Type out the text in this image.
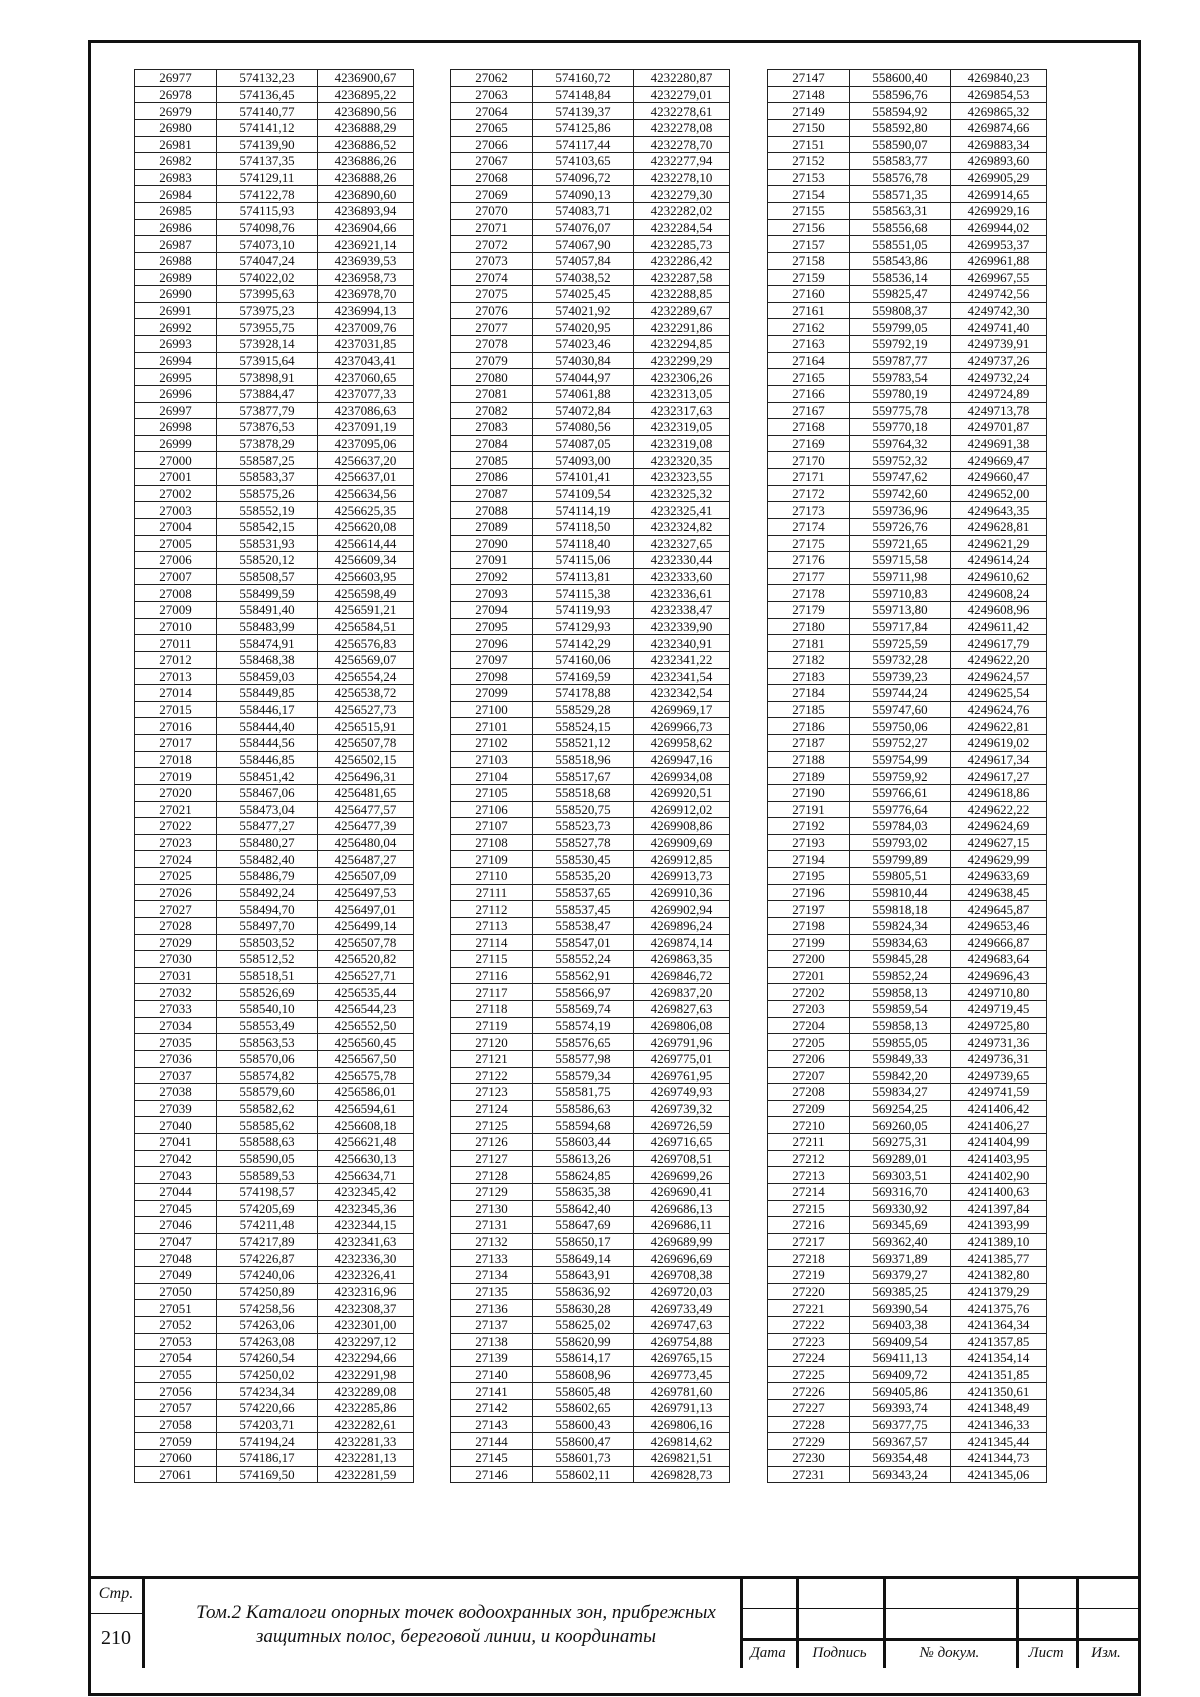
26977	574132,23	4236900,67
26978	574136,45	4236895,22
26979	574140,77	4236890,56
26980	574141,12	4236888,29
26981	574139,90	4236886,52
26982	574137,35	4236886,26
26983	574129,11	4236888,26
26984	574122,78	4236890,60
26985	574115,93	4236893,94
26986	574098,76	4236904,66
26987	574073,10	4236921,14
26988	574047,24	4236939,53
26989	574022,02	4236958,73
26990	573995,63	4236978,70
26991	573975,23	4236994,13
26992	573955,75	4237009,76
26993	573928,14	4237031,85
26994	573915,64	4237043,41
26995	573898,91	4237060,65
26996	573884,47	4237077,33
26997	573877,79	4237086,63
26998	573876,53	4237091,19
26999	573878,29	4237095,06
27000	558587,25	4256637,20
27001	558583,37	4256637,01
27002	558575,26	4256634,56
27003	558552,19	4256625,35
27004	558542,15	4256620,08
27005	558531,93	4256614,44
27006	558520,12	4256609,34
27007	558508,57	4256603,95
27008	558499,59	4256598,49
27009	558491,40	4256591,21
27010	558483,99	4256584,51
27011	558474,91	4256576,83
27012	558468,38	4256569,07
27013	558459,03	4256554,24
27014	558449,85	4256538,72
27015	558446,17	4256527,73
27016	558444,40	4256515,91
27017	558444,56	4256507,78
27018	558446,85	4256502,15
27019	558451,42	4256496,31
27020	558467,06	4256481,65
27021	558473,04	4256477,57
27022	558477,27	4256477,39
27023	558480,27	4256480,04
27024	558482,40	4256487,27
27025	558486,79	4256507,09
27026	558492,24	4256497,53
27027	558494,70	4256497,01
27028	558497,70	4256499,14
27029	558503,52	4256507,78
27030	558512,52	4256520,82
27031	558518,51	4256527,71
27032	558526,69	4256535,44
27033	558540,10	4256544,23
27034	558553,49	4256552,50
27035	558563,53	4256560,45
27036	558570,06	4256567,50
27037	558574,82	4256575,78
27038	558579,60	4256586,01
27039	558582,62	4256594,61
27040	558585,62	4256608,18
27041	558588,63	4256621,48
27042	558590,05	4256630,13
27043	558589,53	4256634,71
27044	574198,57	4232345,42
27045	574205,69	4232345,36
27046	574211,48	4232344,15
27047	574217,89	4232341,63
27048	574226,87	4232336,30
27049	574240,06	4232326,41
27050	574250,89	4232316,96
27051	574258,56	4232308,37
27052	574263,06	4232301,00
27053	574263,08	4232297,12
27054	574260,54	4232294,66
27055	574250,02	4232291,98
27056	574234,34	4232289,08
27057	574220,66	4232285,86
27058	574203,71	4232282,61
27059	574194,24	4232281,33
27060	574186,17	4232281,13
27061	574169,50	4232281,59
27062	574160,72	4232280,87
27063	574148,84	4232279,01
27064	574139,37	4232278,61
27065	574125,86	4232278,08
27066	574117,44	4232278,70
27067	574103,65	4232277,94
27068	574096,72	4232278,10
27069	574090,13	4232279,30
27070	574083,71	4232282,02
27071	574076,07	4232284,54
27072	574067,90	4232285,73
27073	574057,84	4232286,42
27074	574038,52	4232287,58
27075	574025,45	4232288,85
27076	574021,92	4232289,67
27077	574020,95	4232291,86
27078	574023,46	4232294,85
27079	574030,84	4232299,29
27080	574044,97	4232306,26
27081	574061,88	4232313,05
27082	574072,84	4232317,63
27083	574080,56	4232319,05
27084	574087,05	4232319,08
27085	574093,00	4232320,35
27086	574101,41	4232323,55
27087	574109,54	4232325,32
27088	574114,19	4232325,41
27089	574118,50	4232324,82
27090	574118,40	4232327,65
27091	574115,06	4232330,44
27092	574113,81	4232333,60
27093	574115,38	4232336,61
27094	574119,93	4232338,47
27095	574129,93	4232339,90
27096	574142,29	4232340,91
27097	574160,06	4232341,22
27098	574169,59	4232341,54
27099	574178,88	4232342,54
27100	558529,28	4269969,17
27101	558524,15	4269966,73
27102	558521,12	4269958,62
27103	558518,96	4269947,16
27104	558517,67	4269934,08
27105	558518,68	4269920,51
27106	558520,75	4269912,02
27107	558523,73	4269908,86
27108	558527,78	4269909,69
27109	558530,45	4269912,85
27110	558535,20	4269913,73
27111	558537,65	4269910,36
27112	558537,45	4269902,94
27113	558538,47	4269896,24
27114	558547,01	4269874,14
27115	558552,24	4269863,35
27116	558562,91	4269846,72
27117	558566,97	4269837,20
27118	558569,74	4269827,63
27119	558574,19	4269806,08
27120	558576,65	4269791,96
27121	558577,98	4269775,01
27122	558579,34	4269761,95
27123	558581,75	4269749,93
27124	558586,63	4269739,32
27125	558594,68	4269726,59
27126	558603,44	4269716,65
27127	558613,26	4269708,51
27128	558624,85	4269699,26
27129	558635,38	4269690,41
27130	558642,40	4269686,13
27131	558647,69	4269686,11
27132	558650,17	4269689,99
27133	558649,14	4269696,69
27134	558643,91	4269708,38
27135	558636,92	4269720,03
27136	558630,28	4269733,49
27137	558625,02	4269747,63
27138	558620,99	4269754,88
27139	558614,17	4269765,15
27140	558608,96	4269773,45
27141	558605,48	4269781,60
27142	558602,65	4269791,13
27143	558600,43	4269806,16
27144	558600,47	4269814,62
27145	558601,73	4269821,51
27146	558602,11	4269828,73
27147	558600,40	4269840,23
27148	558596,76	4269854,53
27149	558594,92	4269865,32
27150	558592,80	4269874,66
27151	558590,07	4269883,34
27152	558583,77	4269893,60
27153	558576,78	4269905,29
27154	558571,35	4269914,65
27155	558563,31	4269929,16
27156	558556,68	4269944,02
27157	558551,05	4269953,37
27158	558543,86	4269961,88
27159	558536,14	4269967,55
27160	559825,47	4249742,56
27161	559808,37	4249742,30
27162	559799,05	4249741,40
27163	559792,19	4249739,91
27164	559787,77	4249737,26
27165	559783,54	4249732,24
27166	559780,19	4249724,89
27167	559775,78	4249713,78
27168	559770,18	4249701,87
27169	559764,32	4249691,38
27170	559752,32	4249669,47
27171	559747,62	4249660,47
27172	559742,60	4249652,00
27173	559736,96	4249643,35
27174	559726,76	4249628,81
27175	559721,65	4249621,29
27176	559715,58	4249614,24
27177	559711,98	4249610,62
27178	559710,83	4249608,24
27179	559713,80	4249608,96
27180	559717,84	4249611,42
27181	559725,59	4249617,79
27182	559732,28	4249622,20
27183	559739,23	4249624,57
27184	559744,24	4249625,54
27185	559747,60	4249624,76
27186	559750,06	4249622,81
27187	559752,27	4249619,02
27188	559754,99	4249617,34
27189	559759,92	4249617,27
27190	559766,61	4249618,86
27191	559776,64	4249622,22
27192	559784,03	4249624,69
27193	559793,02	4249627,15
27194	559799,89	4249629,99
27195	559805,51	4249633,69
27196	559810,44	4249638,45
27197	559818,18	4249645,87
27198	559824,34	4249653,46
27199	559834,63	4249666,87
27200	559845,28	4249683,64
27201	559852,24	4249696,43
27202	559858,13	4249710,80
27203	559859,54	4249719,45
27204	559858,13	4249725,80
27205	559855,05	4249731,36
27206	559849,33	4249736,31
27207	559842,20	4249739,65
27208	559834,27	4249741,59
27209	569254,25	4241406,42
27210	569260,05	4241406,27
27211	569275,31	4241404,99
27212	569289,01	4241403,95
27213	569303,51	4241402,90
27214	569316,70	4241400,63
27215	569330,92	4241397,84
27216	569345,69	4241393,99
27217	569362,40	4241389,10
27218	569371,89	4241385,77
27219	569379,27	4241382,80
27220	569385,25	4241379,29
27221	569390,54	4241375,76
27222	569403,38	4241364,34
27223	569409,54	4241357,85
27224	569411,13	4241354,14
27225	569409,72	4241351,85
27226	569405,86	4241350,61
27227	569393,74	4241348,49
27228	569377,75	4241346,33
27229	569367,57	4241345,44
27230	569354,48	4241344,73
27231	569343,24	4241345,06
Стр.
210
Том.2 Каталоги опорных точек водоохранных зон, прибрежных защитных полос, береговой линии, и координаты
Дата	Подпись	№ докум.	Лист	Изм.
